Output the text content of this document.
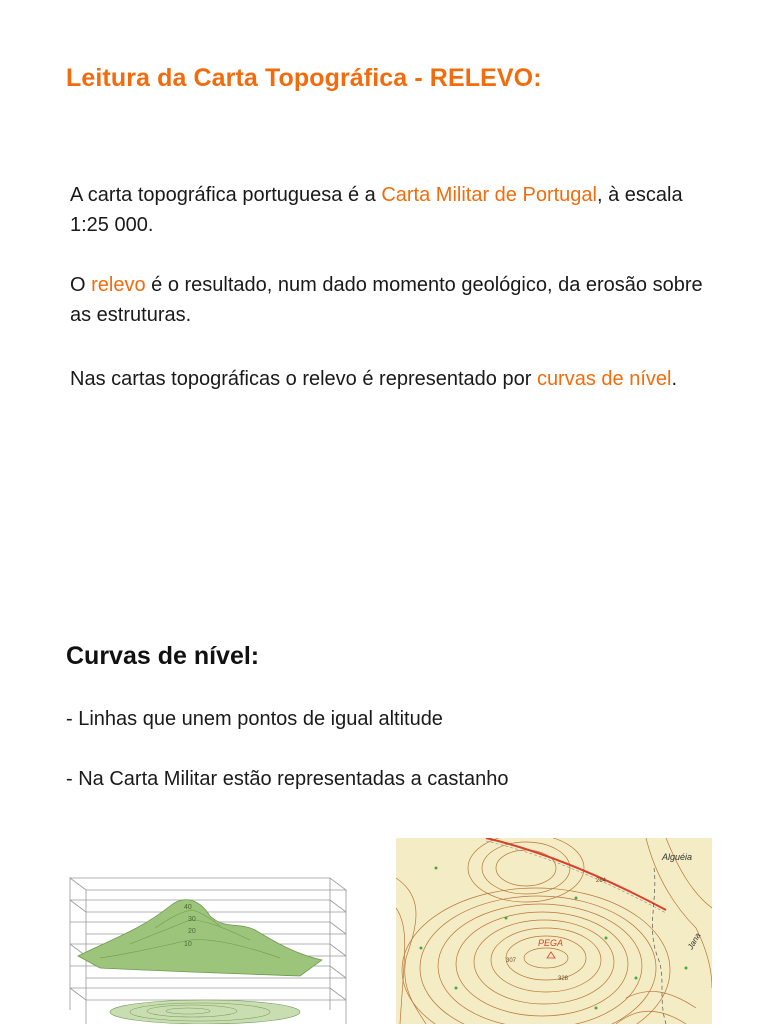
Leitura da Carta Topográfica - RELEVO:
A carta topográfica portuguesa é a Carta Militar de Portugal, à escala 1:25 000.
O relevo é o resultado, num dado momento geológico, da erosão sobre as estruturas.
Nas cartas topográficas o relevo é representado por curvas de nível.
Curvas de nível:
- Linhas que unem pontos de igual altitude
- Na Carta Militar estão representadas a castanho
40
30
20
10
Alguéia
PEGA	Jana
307
328
264
